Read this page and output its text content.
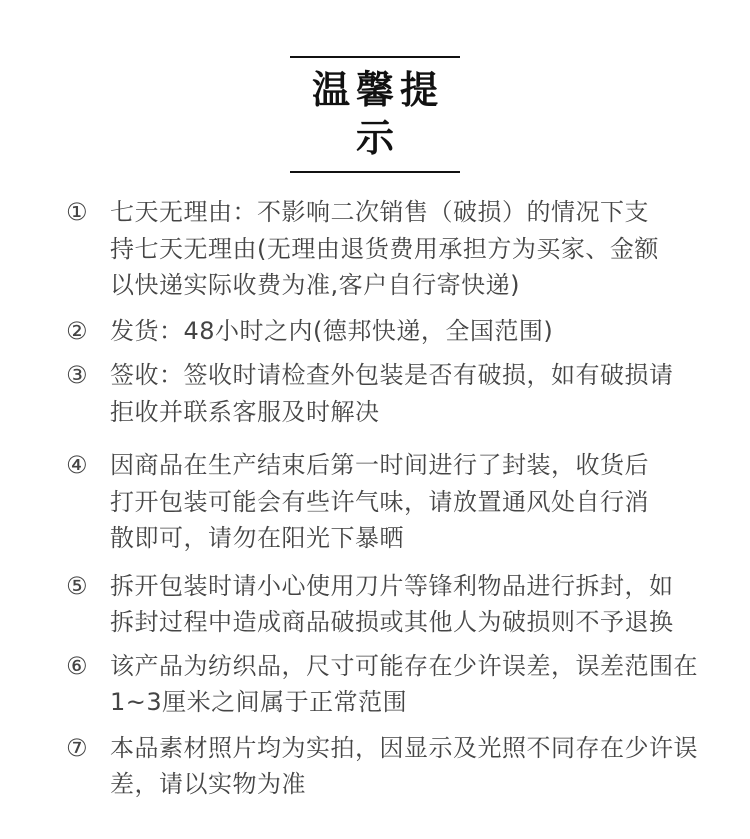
温馨提示
① 七天无理由：不影响二次销售（破损）的情况下支
持七天无理由(无理由退货费用承担方为买家、金额
以快递实际收费为准,客户自行寄快递)
② 发货：48小时之内(德邦快递，全国范围)
③ 签收：签收时请检查外包装是否有破损，如有破损请
拒收并联系客服及时解决
④ 因商品在生产结束后第一时间进行了封装，收货后
打开包装可能会有些许气味，请放置通风处自行消
散即可，请勿在阳光下暴晒
⑤ 拆开包装时请小心使用刀片等锋利物品进行拆封，如
拆封过程中造成商品破损或其他人为破损则不予退换
⑥ 该产品为纺织品，尺寸可能存在少许误差，误差范围在
1~3厘米之间属于正常范围
⑦ 本品素材照片均为实拍，因显示及光照不同存在少许误
差，请以实物为准
